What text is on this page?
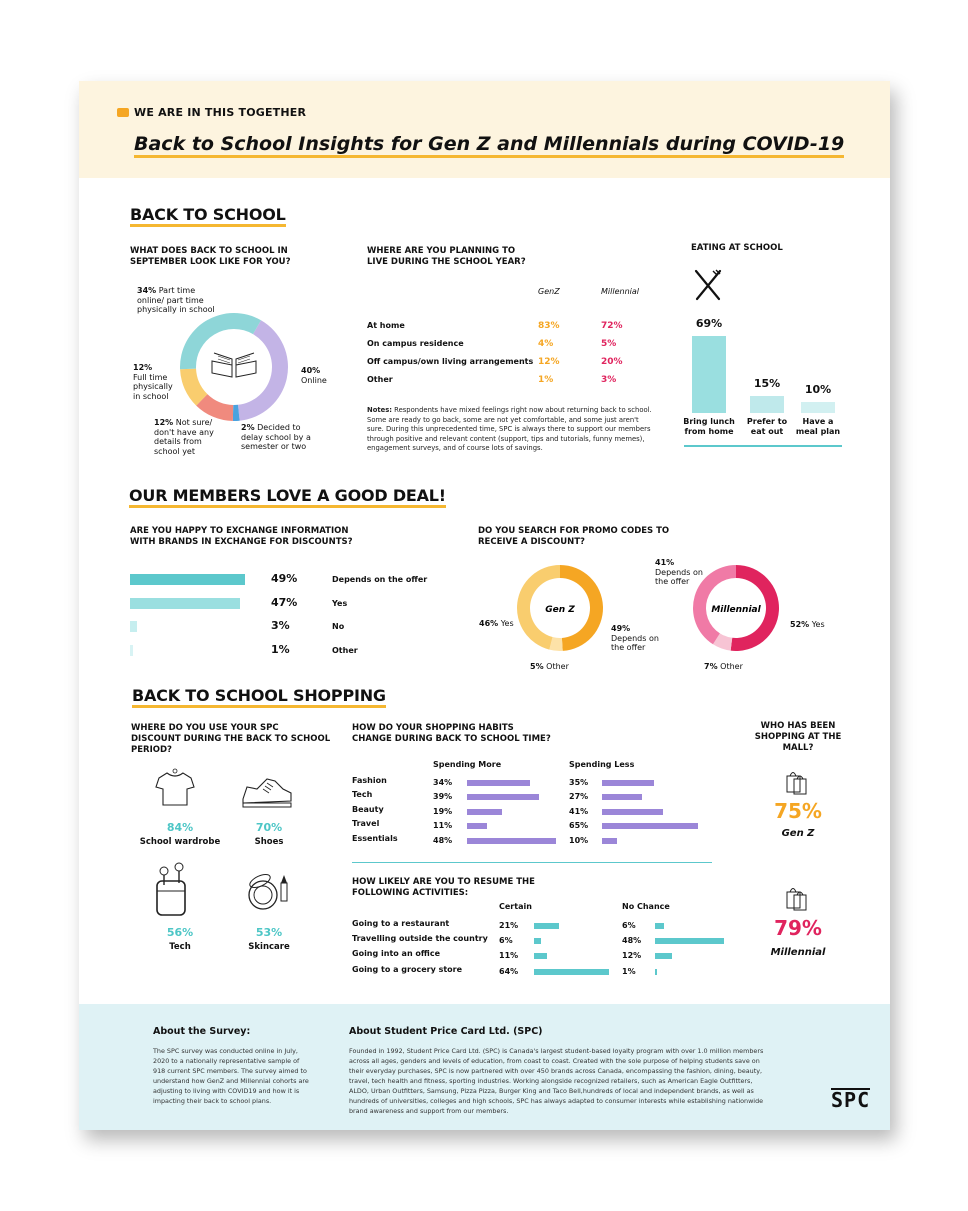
WE ARE IN THIS TOGETHER
Back to School Insights for Gen Z and Millennials during COVID-19
BACK TO SCHOOL
WHAT DOES BACK TO SCHOOL IN SEPTEMBER LOOK LIKE FOR YOU?
34% Part time
online/ part time
physically in school
12%
Full time
physically
in school
12% Not sure/
don't have any
details from
school yet
2% Decided to
delay school by a
semester or two
40%
Online
WHERE ARE YOU PLANNING TO LIVE DURING THE SCHOOL YEAR?
GenZ	Millennial
At home	83%	72%
On campus residence	4%	5%
Off campus/own living arrangements 12%	20%
Other	1%	3%
Notes: Respondents have mixed feelings right now about returning back to school. Some are ready to go back, some are not yet comfortable, and some just aren't sure. During this unprecedented time, SPC is always there to support our members through positive and relevant content (support, tips and tutorials, funny memes), engagement surveys, and of course lots of savings.
EATING AT SCHOOL
69%
Bring lunch
from home
15%
Prefer to
eat out
10%
Have a
meal plan
OUR MEMBERS LOVE A GOOD DEAL!
ARE YOU HAPPY TO EXCHANGE INFORMATION WITH BRANDS IN EXCHANGE FOR DISCOUNTS?
49%	Depends on the offer
47%	Yes
3%	No
1%	Other
DO YOU SEARCH FOR PROMO CODES TO RECEIVE A DISCOUNT?
Gen Z
46% Yes
49%
Depends on
the offer
5% Other
Millennial
41%
Depends on
the offer
52% Yes
7% Other
BACK TO SCHOOL SHOPPING
WHERE DO YOU USE YOUR SPC DISCOUNT DURING THE BACK TO SCHOOL PERIOD?
84%
School wardrobe
70%
Shoes
56%
Tech
53%
Skincare
HOW DO YOUR SHOPPING HABITS CHANGE DURING BACK TO SCHOOL TIME?
Spending More	Spending Less
Fashion	34%	35%
Tech	39%	27%
Beauty	19%	41%
Travel	11%	65%
Essentials	48%	10%
HOW LIKELY ARE YOU TO RESUME THE FOLLOWING ACTIVITIES:
Certain	No Chance
Going to a restaurant	21%	6%
Travelling outside the country 6%	48%
Going into an office	11%	12%
Going to a grocery store	64%	1%
WHO HAS BEEN SHOPPING AT THE MALL?
75%
Gen Z
79%
Millennial
About the Survey:
The SPC survey was conducted online in July, 2020 to a nationally representative sample of 918 current SPC members. The survey aimed to understand how GenZ and Millennial cohorts are adjusting to living with COVID19 and how it is impacting their back to school plans.
About Student Price Card Ltd. (SPC)
Founded in 1992, Student Price Card Ltd. (SPC) is Canada's largest student-based loyalty program with over 1.0 million members across all ages, genders and levels of education, from coast to coast. Created with the sole purpose of helping students save on their everyday purchases, SPC is now partnered with over 450 brands across Canada, encompassing the fashion, dining, beauty, travel, tech health and fitness, sporting industries. Working alongside recognized retailers, such as American Eagle Outfitters, ALDO, Urban Outfitters, Samsung, Pizza Pizza, Burger King and Taco Bell,hundreds of local and independent brands, as well as hundreds of universities, colleges and high schools, SPC has always adapted to consumer interests while establishing nationwide brand awareness and support from our members.	SPC
